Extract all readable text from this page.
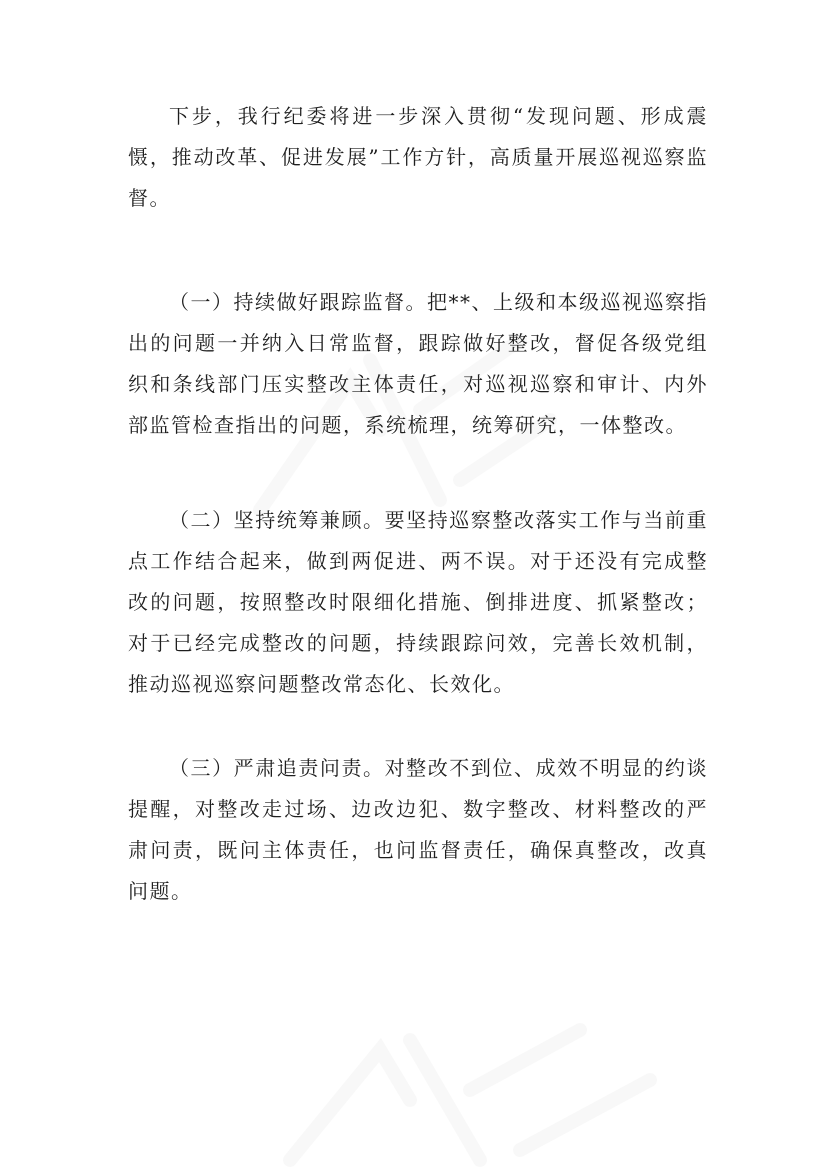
下步，我行纪委将进一步深入贯彻“发现问题、形成震慑，推动改革、促进发展”工作方针，高质量开展巡视巡察监督。

（一）持续做好跟踪监督。把**、上级和本级巡视巡察指出的问题一并纳入日常监督，跟踪做好整改，督促各级党组织和条线部门压实整改主体责任，对巡视巡察和审计、内外部监管检查指出的问题，系统梳理，统筹研究，一体整改。

（二）坚持统筹兼顾。要坚持巡察整改落实工作与当前重点工作结合起来，做到两促进、两不误。对于还没有完成整改的问题，按照整改时限细化措施、倒排进度、抓紧整改；对于已经完成整改的问题，持续跟踪问效，完善长效机制，推动巡视巡察问题整改常态化、长效化。

（三）严肃追责问责。对整改不到位、成效不明显的约谈提醒，对整改走过场、边改边犯、数字整改、材料整改的严肃问责，既问主体责任，也问监督责任，确保真整改，改真问题。
